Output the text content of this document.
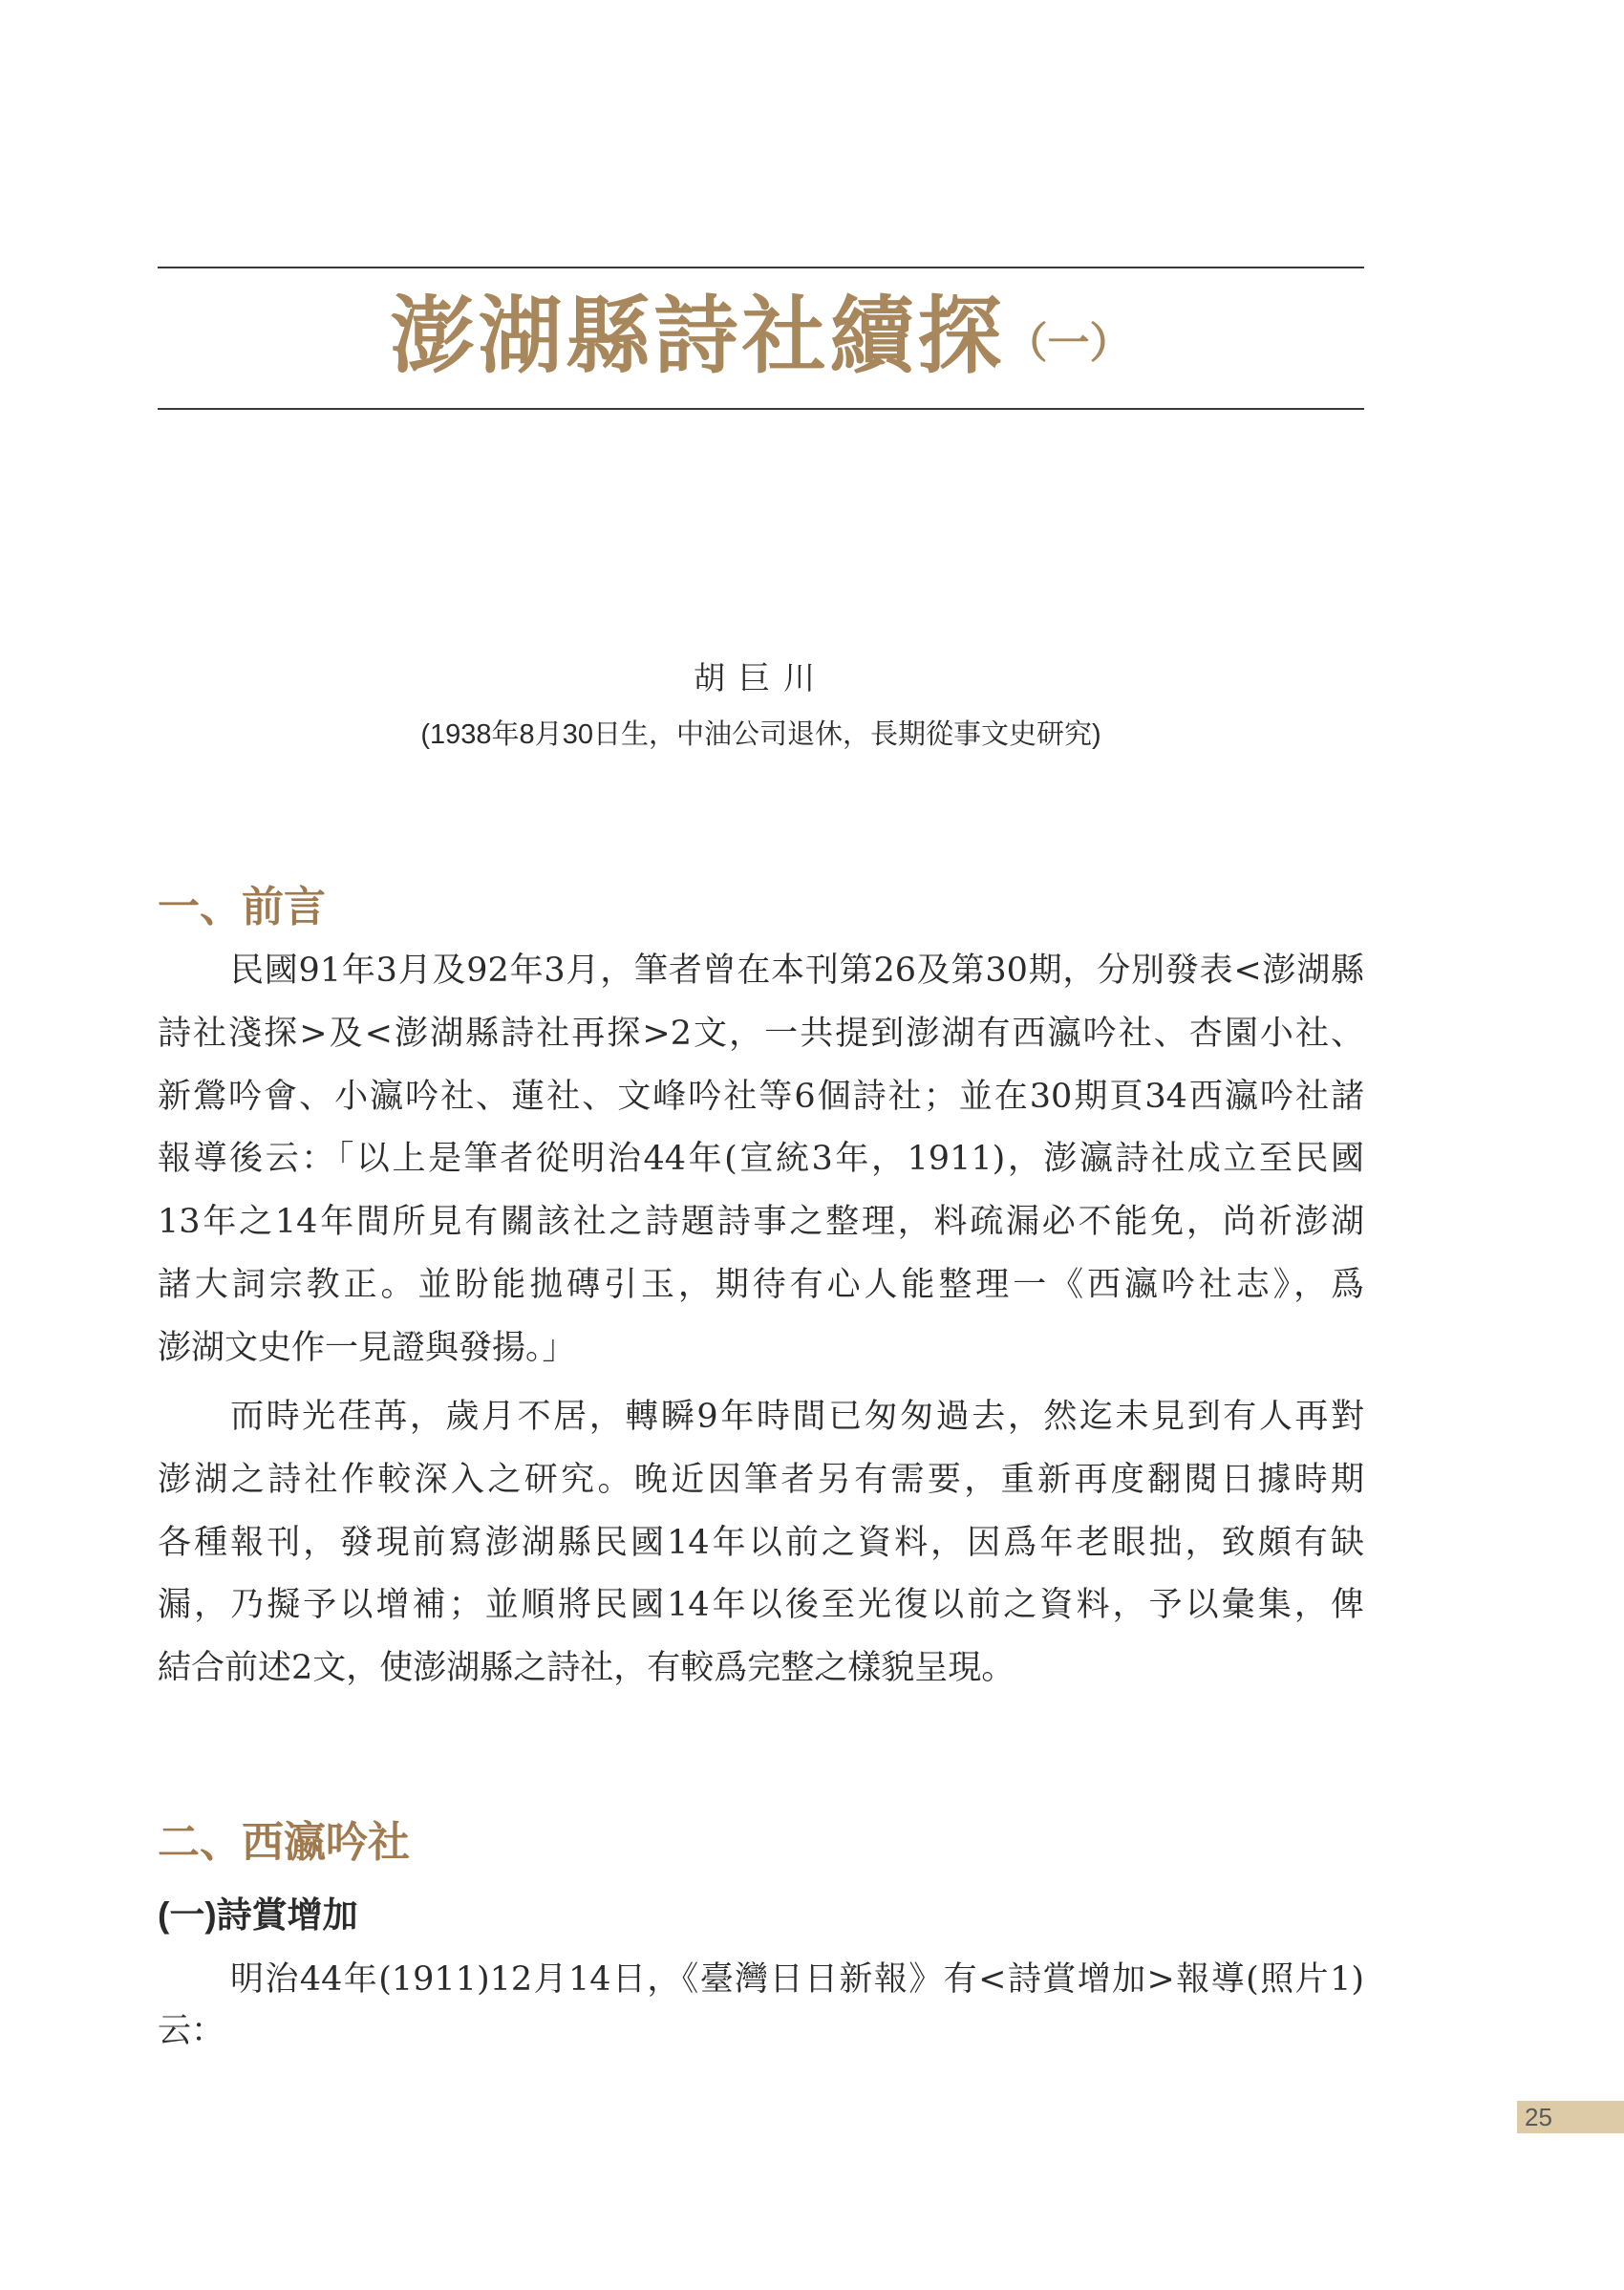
澎湖縣詩社續探（一）
胡巨川
(1938年8月30日生，中油公司退休，長期從事文史研究)
一、前言
民國91年3月及92年3月，筆者曾在本刊第26及第30期，分別發表<澎湖縣
詩社淺探>及<澎湖縣詩社再探>2文，一共提到澎湖有西瀛吟社、杏園小社、
新鶯吟會、小瀛吟社、蓮社、文峰吟社等6個詩社；並在30期頁34西瀛吟社諸
報導後云：「以上是筆者從明治44年(宣統3年，1911)，澎瀛詩社成立至民國
13年之14年間所見有關該社之詩題詩事之整理，料疏漏必不能免，尚祈澎湖
諸大詞宗教正。並盼能拋磚引玉，期待有心人能整理一《西瀛吟社志》，爲
澎湖文史作一見證與發揚。」
而時光荏苒，歲月不居，轉瞬9年時間已匆匆過去，然迄未見到有人再對
澎湖之詩社作較深入之研究。晚近因筆者另有需要，重新再度翻閱日據時期
各種報刊，發現前寫澎湖縣民國14年以前之資料，因爲年老眼拙，致頗有缺
漏，乃擬予以增補；並順將民國14年以後至光復以前之資料，予以彙集，俾
結合前述2文，使澎湖縣之詩社，有較爲完整之樣貌呈現。
二、西瀛吟社
(一)詩賞增加
明治44年(1911)12月14日，《臺灣日日新報》有<詩賞增加>報導(照片1)
云：
25
